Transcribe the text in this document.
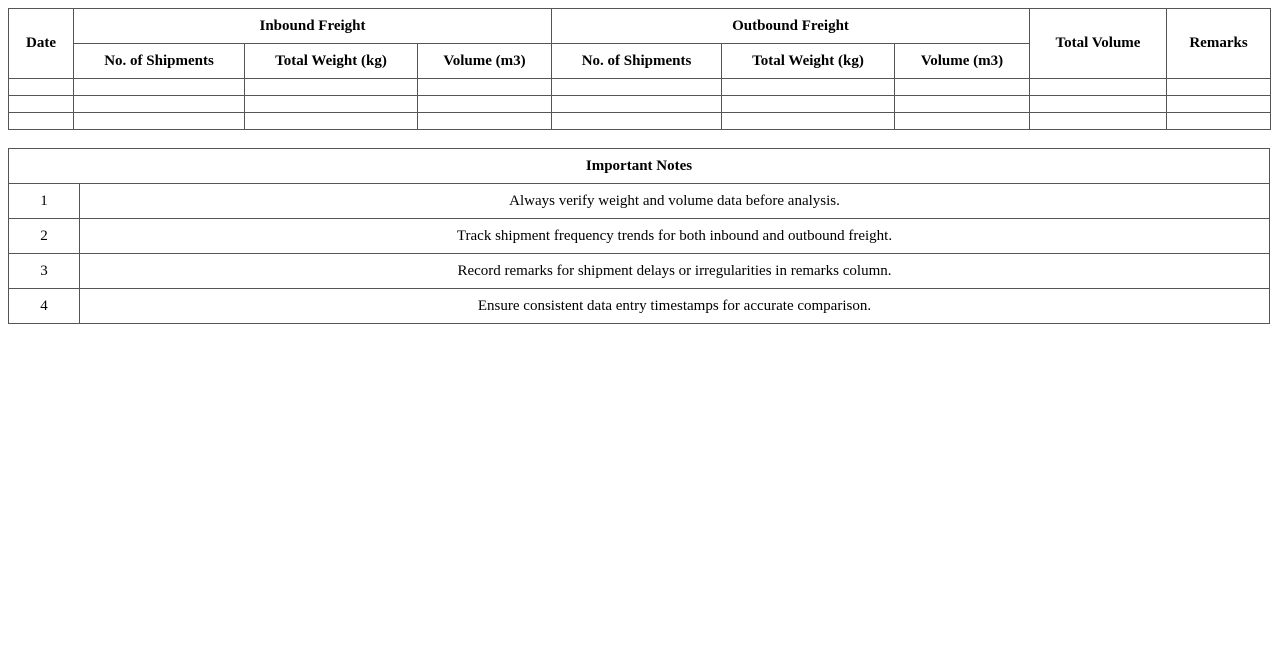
Date	Inbound Freight			Outbound Freight			Total Volume	Remarks
	No. of Shipments	Total Weight (kg)	Volume (m3)	No. of Shipments	Total Weight (kg)	Volume (m3)		

Important Notes	
1	Always verify weight and volume data before analysis.
2	Track shipment frequency trends for both inbound and outbound freight.
3	Record remarks for shipment delays or irregularities in remarks column.
4	Ensure consistent data entry timestamps for accurate comparison.
